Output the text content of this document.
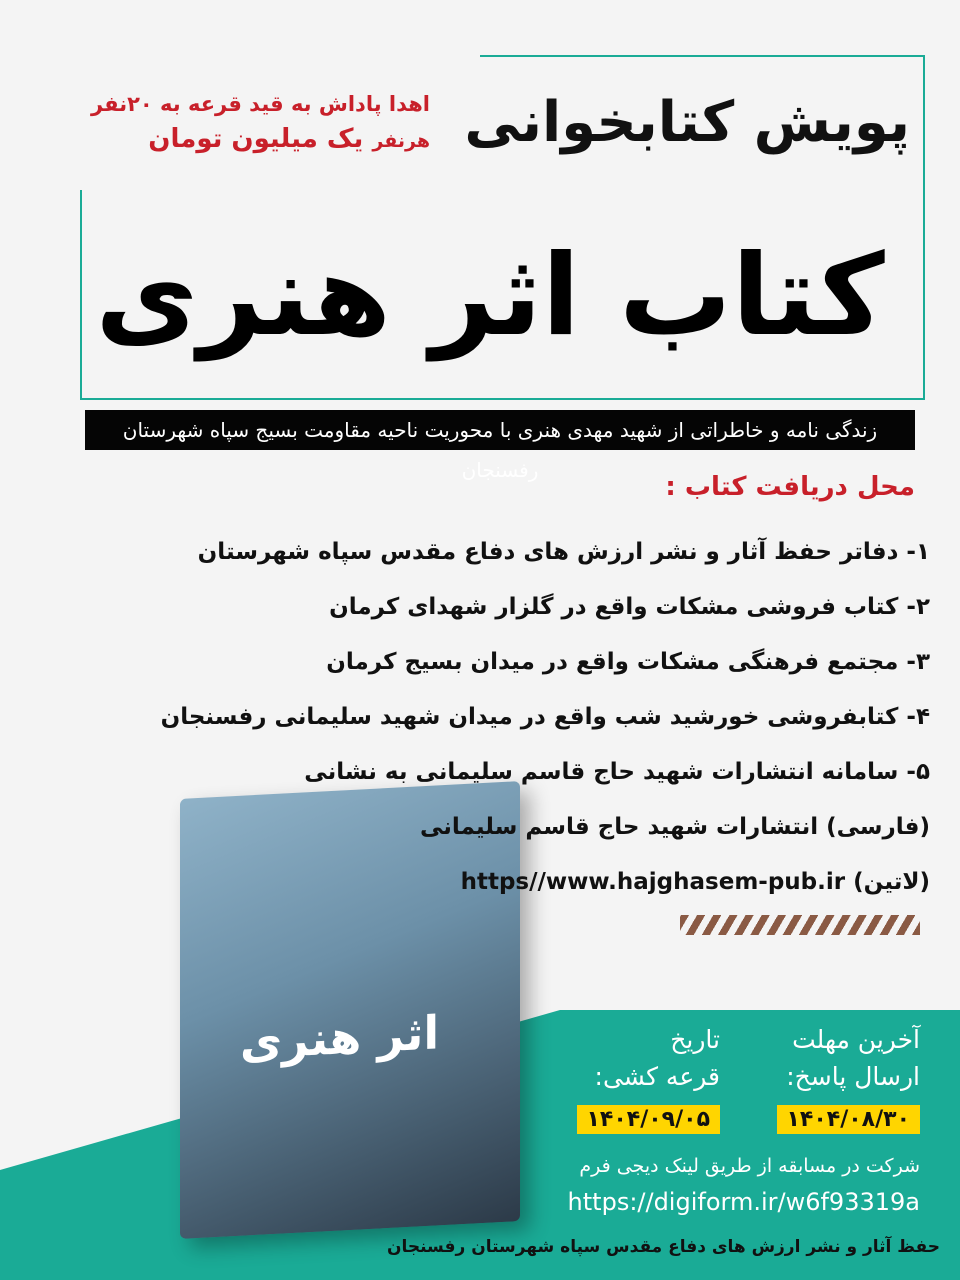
پویش کتابخوانی
اهدا پاداش به قید قرعه به ۲۰نفر
هرنفر یک میلیون تومان
کتاب اثر هنری
زندگی نامه و خاطراتی از شهید مهدی هنری با محوریت ناحیه مقاومت بسیج سپاه شهرستان رفسنجان
محل دریافت کتاب :
۱- دفاتر حفظ آثار و نشر ارزش های دفاع مقدس سپاه شهرستان
۲- کتاب فروشی مشکات واقع در گلزار شهدای کرمان
۳- مجتمع فرهنگی مشکات واقع در میدان بسیج کرمان
۴- کتابفروشی خورشید شب واقع در میدان شهید سلیمانی رفسنجان
۵- سامانه انتشارات شهید حاج قاسم سلیمانی به نشانی
(فارسی) انتشارات شهید حاج قاسم سلیمانی
(لاتین) https//www.hajghasem-pub.ir
اثر هنری	آخرین مهلت
ارسال پاسخ:
۱۴۰۴/۰۸/۳۰
تاریخ
قرعه کشی:
۱۴۰۴/۰۹/۰۵
شرکت در مسابقه از طریق لینک دیجی فرم
https://digiform.ir/w6f93319a
حفظ آثار و نشر ارزش های دفاع مقدس سپاه شهرستان رفسنجان
